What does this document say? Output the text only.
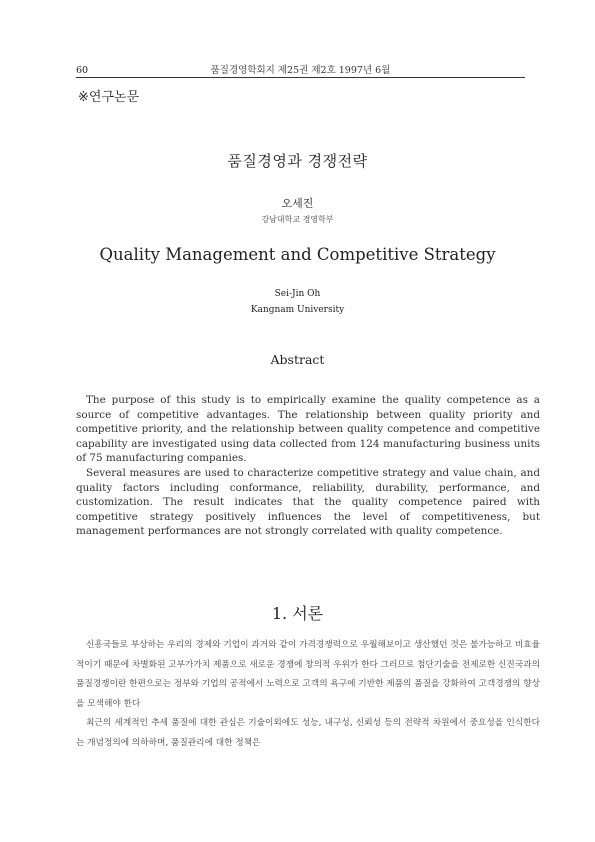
60	품질경영학회지 제25권 제2호 1997년 6월
※연구논문
품질경영과 경쟁전략
오세진
강남대학교 경영학부
Quality Management and Competitive Strategy
Sei-Jin Oh
Kangnam University
Abstract

The purpose of this study is to empirically examine the quality competence as a source of competitive advantages. The relationship between quality priority and competitive priority, and the relationship between quality competence and competitive capability are investigated using data collected from 124 manufacturing business units of 75 manufacturing companies.

Several measures are used to characterize competitive strategy and value chain, and quality factors including conformance, reliability, durability, performance, and customization. The result indicates that the quality competence paired with competitive strategy positively influences the level of competitiveness, but management performances are not strongly correlated with quality competence.

1. 서론

신흥국들로 부상하는 우리의 경제와 기업이 과거와 같이 가격경쟁력으로 우월해보이고 생산했던 것은 불가능하고 비효율적이기 때문에 차별화된 고부가가치 제품으로 새로운 경쟁에 창의적 우위가 한다 그러므로 첨단기술을 전제로한 신진국과의 품질경쟁이란 한편으로는 정부와 기업의 공적에서 노력으로 고객의 욕구에 기반한 제품의 품질을 강화하여 고객경쟁의 향상을 모색해야 한다

최근의 세계적인 추세 품질에 대한 관심은 기술이외에도 성능, 내구성, 신뢰성 등의 전략적 차원에서 중요성을 인식한다는 개념정의에 의하하며, 품질관리에 대한 정책은
